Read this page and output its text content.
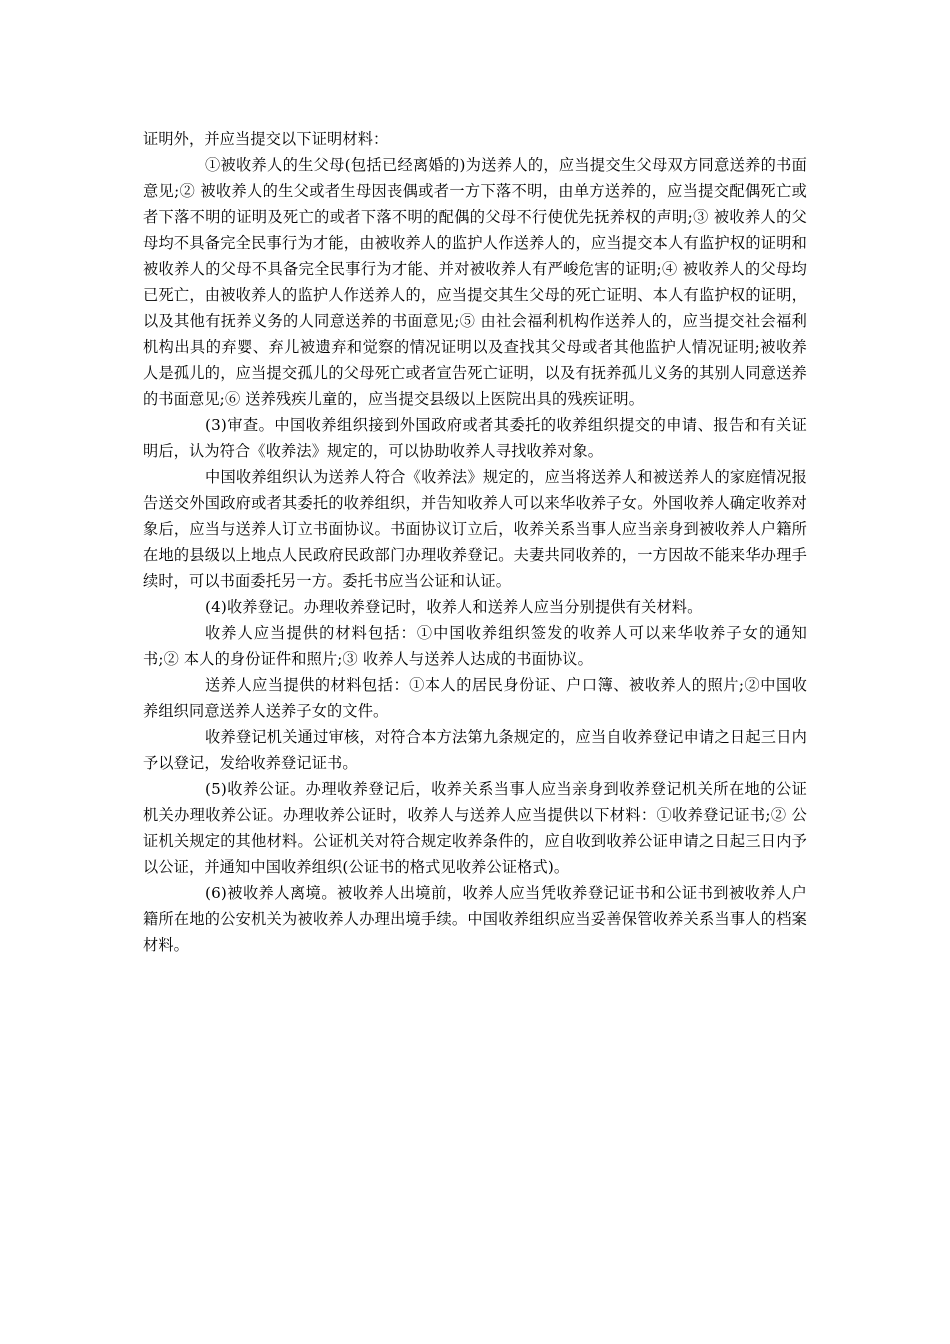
证明外，并应当提交以下证明材料：

①被收养人的生父母(包括已经离婚的)为送养人的，应当提交生父母双方同意送养的书面意见;② 被收养人的生父或者生母因丧偶或者一方下落不明，由单方送养的，应当提交配偶死亡或者下落不明的证明及死亡的或者下落不明的配偶的父母不行使优先抚养权的声明;③ 被收养人的父母均不具备完全民事行为才能，由被收养人的监护人作送养人的，应当提交本人有监护权的证明和被收养人的父母不具备完全民事行为才能、并对被收养人有严峻危害的证明;④ 被收养人的父母均已死亡，由被收养人的监护人作送养人的，应当提交其生父母的死亡证明、本人有监护权的证明，以及其他有抚养义务的人同意送养的书面意见;⑤ 由社会福利机构作送养人的，应当提交社会福利机构出具的弃婴、弃儿被遗弃和觉察的情况证明以及查找其父母或者其他监护人情况证明;被收养人是孤儿的，应当提交孤儿的父母死亡或者宣告死亡证明，以及有抚养孤儿义务的其别人同意送养的书面意见;⑥ 送养残疾儿童的，应当提交县级以上医院出具的残疾证明。

(3)审查。中国收养组织接到外国政府或者其委托的收养组织提交的申请、报告和有关证明后，认为符合《收养法》规定的，可以协助收养人寻找收养对象。

中国收养组织认为送养人符合《收养法》规定的，应当将送养人和被送养人的家庭情况报告送交外国政府或者其委托的收养组织，并告知收养人可以来华收养子女。外国收养人确定收养对象后，应当与送养人订立书面协议。书面协议订立后，收养关系当事人应当亲身到被收养人户籍所在地的县级以上地点人民政府民政部门办理收养登记。夫妻共同收养的，一方因故不能来华办理手续时，可以书面委托另一方。委托书应当公证和认证。

(4)收养登记。办理收养登记时，收养人和送养人应当分别提供有关材料。

收养人应当提供的材料包括：①中国收养组织签发的收养人可以来华收养子女的通知书;② 本人的身份证件和照片;③ 收养人与送养人达成的书面协议。

送养人应当提供的材料包括：①本人的居民身份证、户口簿、被收养人的照片;②中国收养组织同意送养人送养子女的文件。

收养登记机关通过审核，对符合本方法第九条规定的，应当自收养登记申请之日起三日内予以登记，发给收养登记证书。

(5)收养公证。办理收养登记后，收养关系当事人应当亲身到收养登记机关所在地的公证机关办理收养公证。办理收养公证时，收养人与送养人应当提供以下材料：①收养登记证书;② 公证机关规定的其他材料。公证机关对符合规定收养条件的，应自收到收养公证申请之日起三日内予以公证，并通知中国收养组织(公证书的格式见收养公证格式)。

(6)被收养人离境。被收养人出境前，收养人应当凭收养登记证书和公证书到被收养人户籍所在地的公安机关为被收养人办理出境手续。中国收养组织应当妥善保管收养关系当事人的档案材料。
